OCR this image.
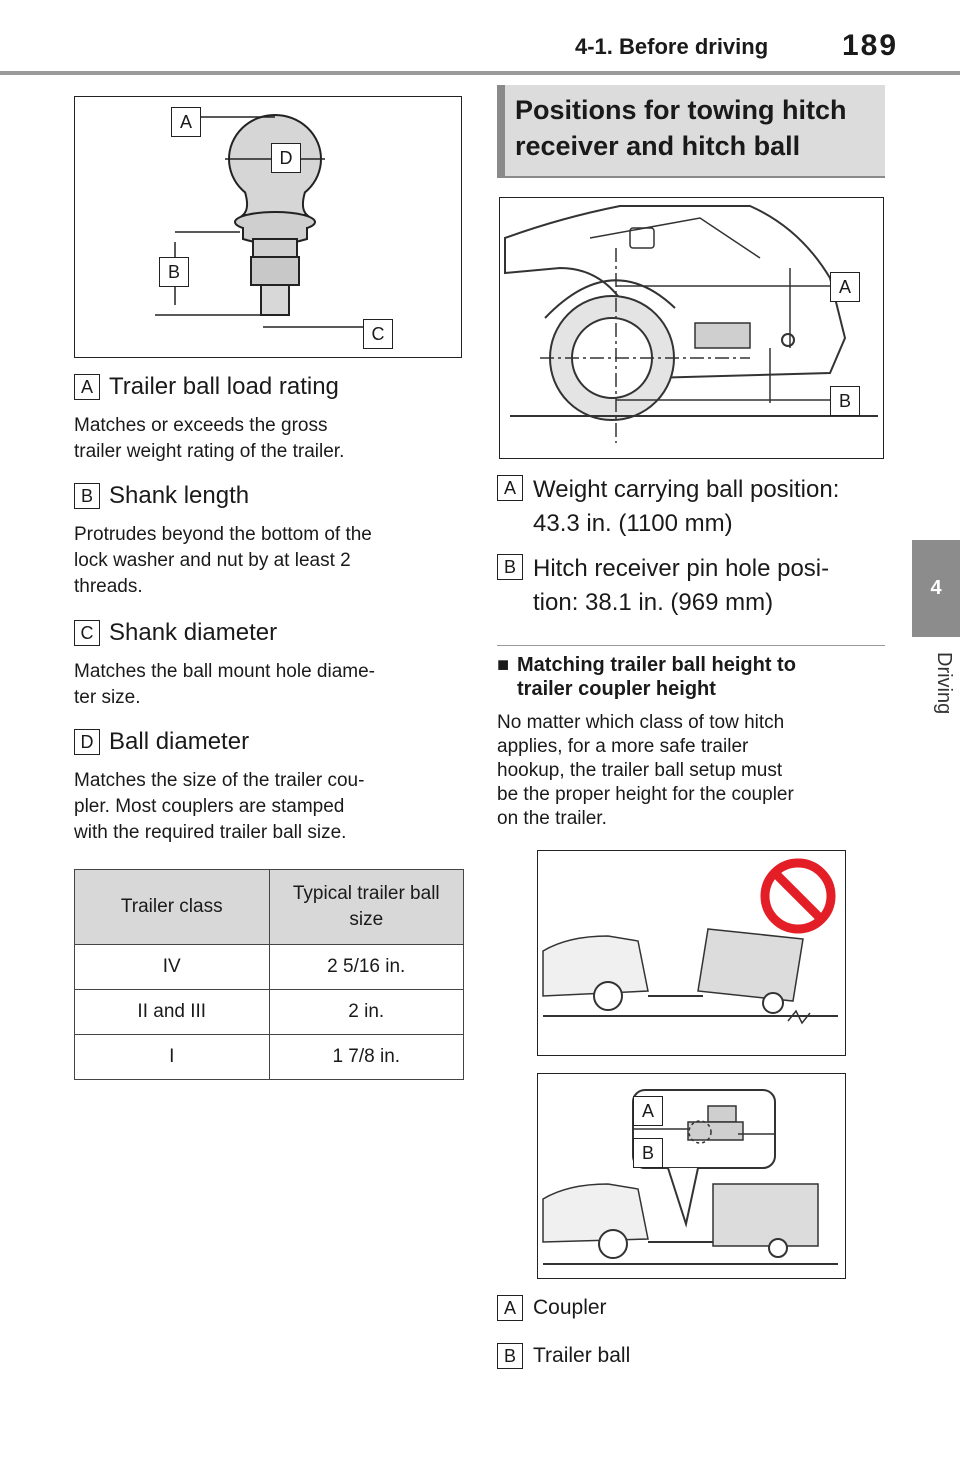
4-1. Before driving 189
4
Driving
A
D
B
C
A Trailer ball load rating
Matches or exceeds the gross
trailer weight rating of the trailer.
B Shank length
Protrudes beyond the bottom of the
lock washer and nut by at least 2
threads.
C Shank diameter
Matches the ball mount hole diame-
ter size.
D Ball diameter
Matches the size of the trailer cou-
pler. Most couplers are stamped
with the required trailer ball size.
Trailer class	Typical trailer ball size
IV	2 5/16 in.
II and III	2 in.
I	1 7/8 in.
Positions for towing hitch
receiver and hitch ball
A
B
A Weight carrying ball position:
43.3 in. (1100 mm)
B Hitch receiver pin hole posi-
tion: 38.1 in. (969 mm)
■ Matching trailer ball height to
trailer coupler height
No matter which class of tow hitch
applies, for a more safe trailer
hookup, the trailer ball setup must
be the proper height for the coupler
on the trailer.
A
B
A Coupler
B Trailer ball
